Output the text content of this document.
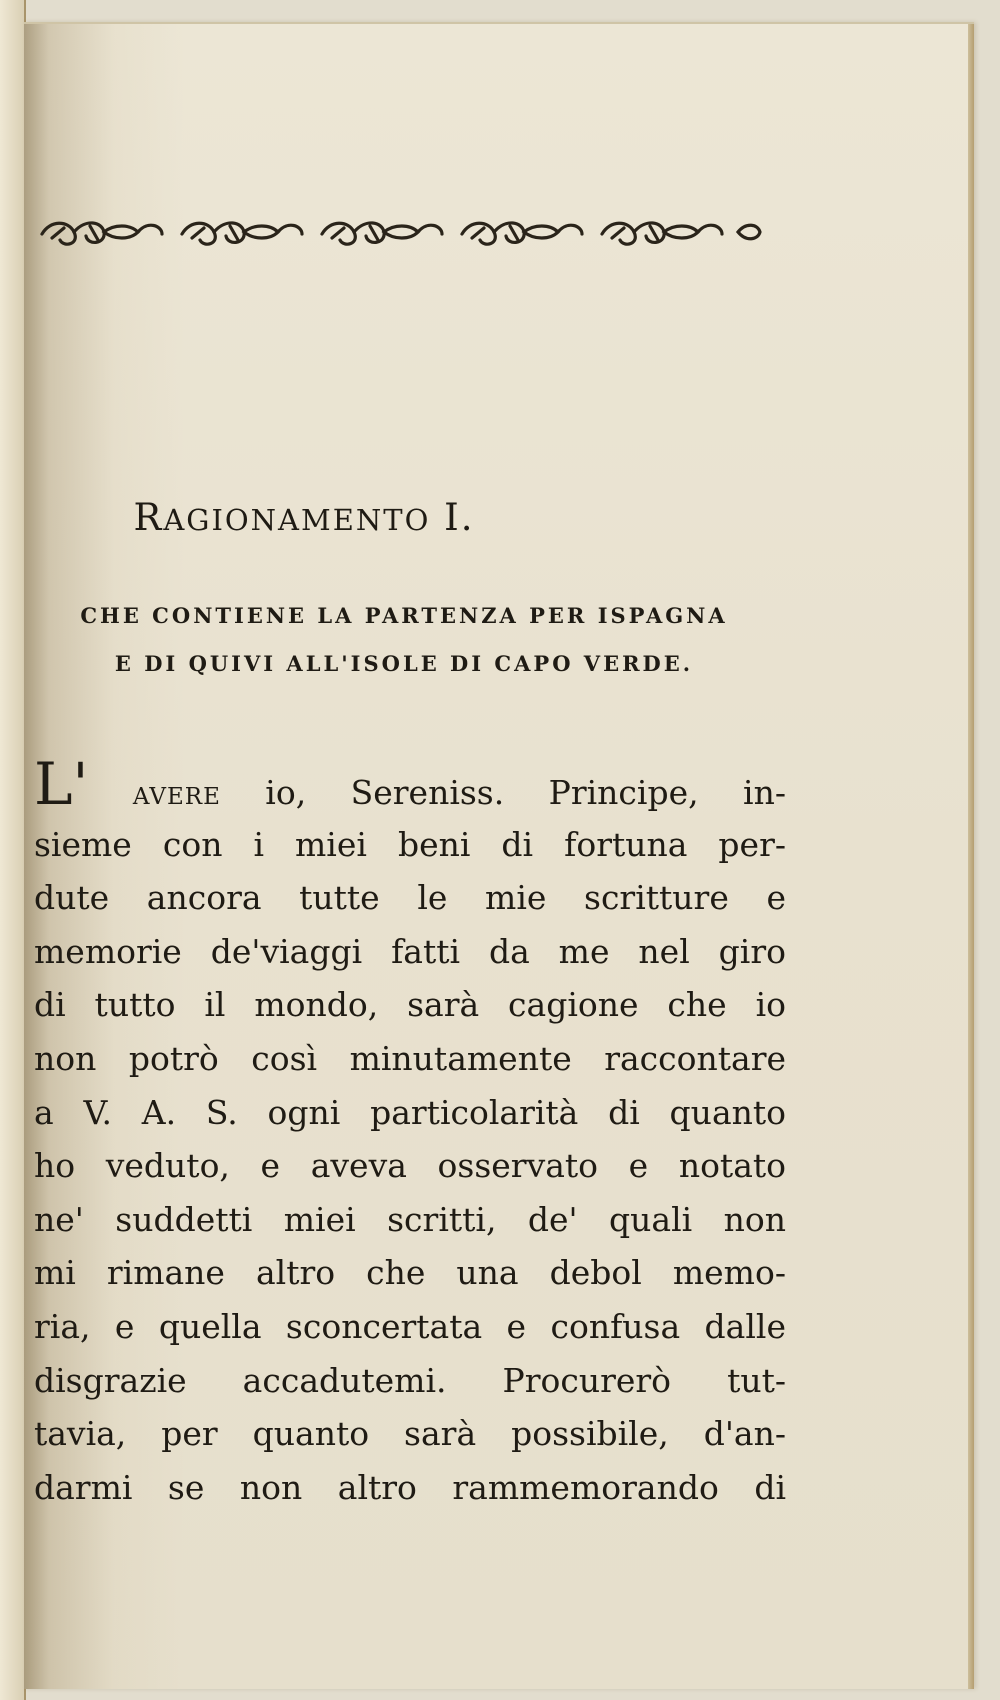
RAGIONAMENTO I.
CHE CONTIENE LA PARTENZA PER ISPAGNA
E DI QUIVI ALL'ISOLE DI CAPO VERDE.
L' AVERE io, Sereniss. Principe, in-
sieme con i miei beni di fortuna per-
dute ancora tutte le mie scritture e
memorie de'viaggi fatti da me nel giro
di tutto il mondo, sarà cagione che io
non potrò così minutamente raccontare
a V. A. S. ogni particolarità di quanto
ho veduto, e aveva osservato e notato
ne' suddetti miei scritti, de' quali non
mi rimane altro che una debol memo-
ria, e quella sconcertata e confusa dalle
disgrazie accadutemi. Procurerò tut-
tavia, per quanto sarà possibile, d'an-
darmi se non altro rammemorando di
